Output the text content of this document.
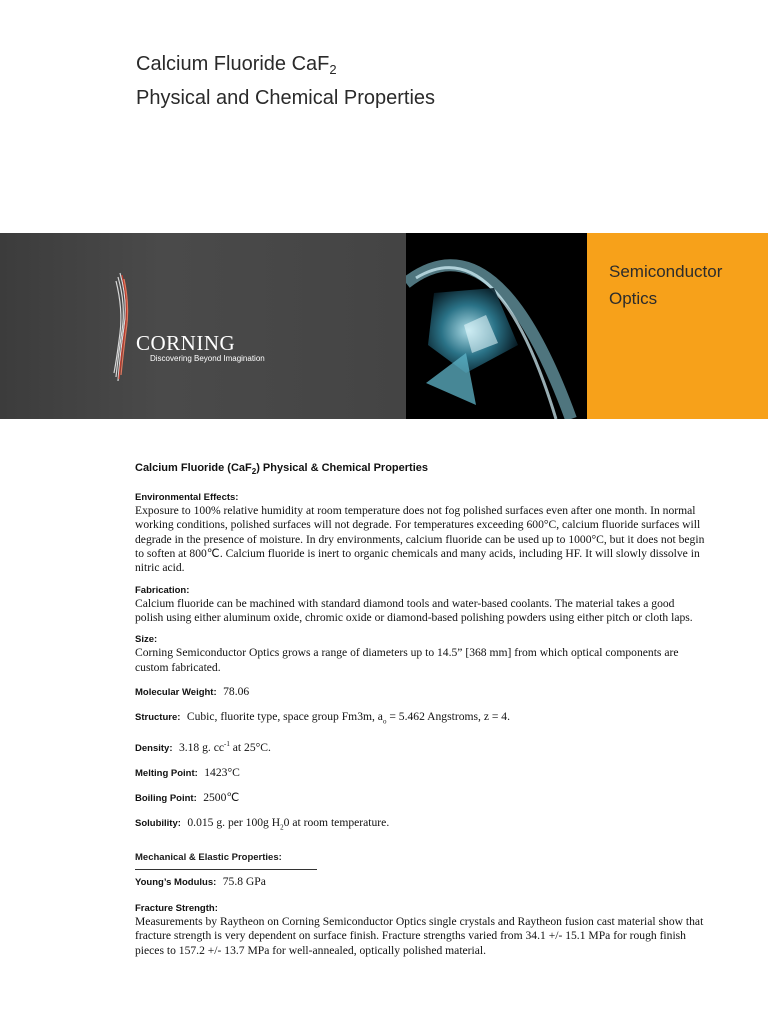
Calcium Fluoride CaF$_2$
Physical and Chemical Properties
CORNING
Discovering Beyond Imagination
Semiconductor
Optics
Calcium Fluoride (CaF$_2$) Physical & Chemical Properties
Environmental Effects:
Exposure to 100% relative humidity at room temperature does not fog polished surfaces even after one month. In normal working conditions, polished surfaces will not degrade. For temperatures exceeding 600°C, calcium fluoride surfaces will degrade in the presence of moisture. In dry environments, calcium fluoride can be used up to 1000°C, but it does not begin to soften at 800℃. Calcium fluoride is inert to organic chemicals and many acids, including HF. It will slowly dissolve in nitric acid.
Fabrication:
Calcium fluoride can be machined with standard diamond tools and water-based coolants. The material takes a good polish using either aluminum oxide, chromic oxide or diamond-based polishing powders using either pitch or cloth laps.
Size:
Corning Semiconductor Optics grows a range of diameters up to 14.5” [368 mm] from which optical components are custom fabricated.
Molecular Weight: 78.06
Structure: Cubic, fluorite type, space group Fm3m, $a_o = 5.462$ Angstroms, z = 4.
Density: 3.18 g. $cc^{-1}$ at 25°C.
Melting Point: 1423°C
Boiling Point: 2500℃
Solubility: 0.015 g. per 100g $H_20$ at room temperature.
Mechanical & Elastic Properties:
Young’s Modulus: 75.8 GPa
Fracture Strength:
Measurements by Raytheon on Corning Semiconductor Optics single crystals and Raytheon fusion cast material show that fracture strength is very dependent on surface finish. Fracture strengths varied from 34.1 +/- 15.1 MPa for rough finish pieces to 157.2 +/- 13.7 MPa for well-annealed, optically polished material.
